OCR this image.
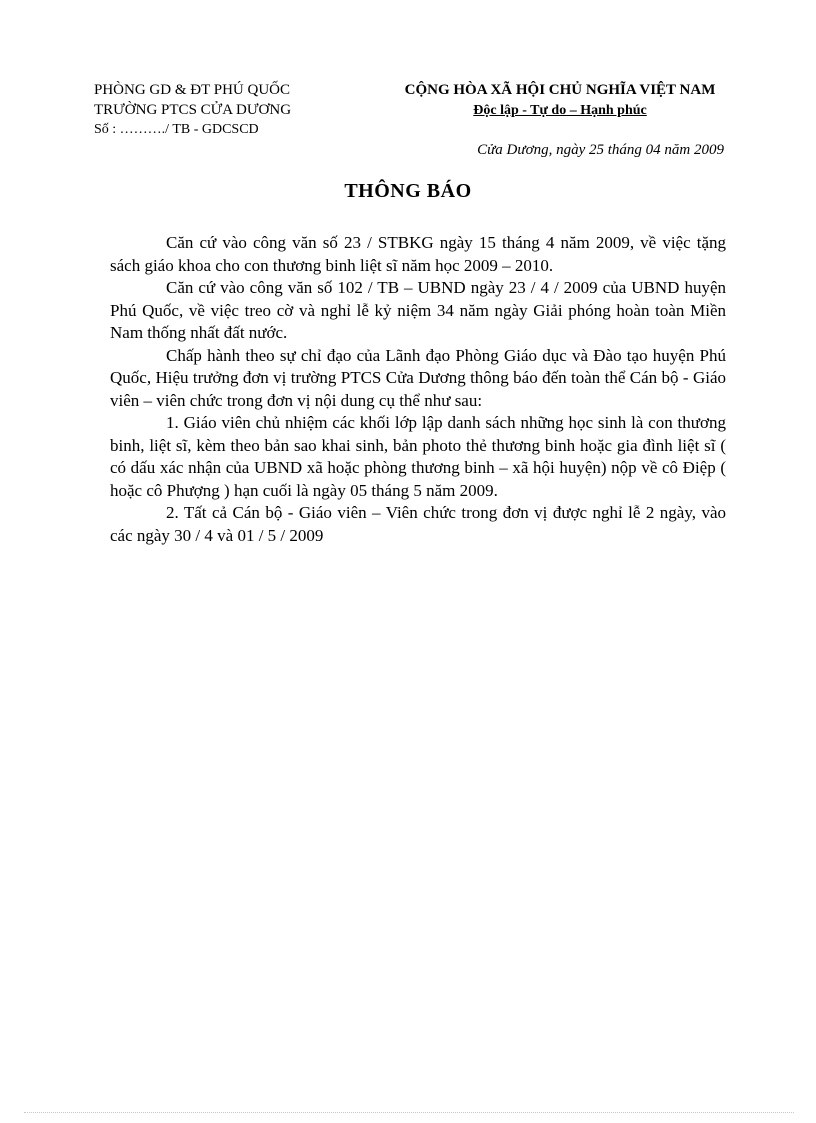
PHÒNG GD & ĐT PHÚ QUỐC
TRƯỜNG PTCS CỬA DƯƠNG
Số : ………./ TB - GDCSCD
CỘNG HÒA XÃ HỘI CHỦ NGHĨA VIỆT NAM
Độc lập - Tự do – Hạnh phúc
Cửa Dương, ngày 25 tháng 04 năm 2009
THÔNG BÁO

Căn cứ vào công văn số 23 / STBKG ngày 15 tháng 4 năm 2009, về việc tặng sách giáo khoa cho con thương binh liệt sĩ năm học 2009 – 2010.

Căn cứ vào công văn số 102 / TB – UBND ngày 23 / 4 / 2009 của UBND huyện Phú Quốc, về việc treo cờ và nghỉ lễ kỷ niệm 34 năm ngày Giải phóng hoàn toàn Miền Nam thống nhất đất nước.

Chấp hành theo sự chỉ đạo của Lãnh đạo Phòng Giáo dục và Đào tạo huyện Phú Quốc, Hiệu trưởng đơn vị trường PTCS Cửa Dương thông báo đến toàn thể Cán bộ - Giáo viên – viên chức trong đơn vị nội dung cụ thể như sau:

1. Giáo viên chủ nhiệm các khối lớp lập danh sách những học sinh là con thương binh, liệt sĩ, kèm theo bản sao khai sinh, bản photo thẻ thương binh hoặc gia đình liệt sĩ ( có dấu xác nhận của UBND xã hoặc phòng thương binh – xã hội huyện) nộp về cô Điệp ( hoặc cô Phượng ) hạn cuối là ngày 05 tháng 5 năm 2009.

2. Tất cả Cán bộ - Giáo viên – Viên chức trong đơn vị được nghỉ lễ 2 ngày, vào các ngày 30 / 4 và 01 / 5 / 2009
